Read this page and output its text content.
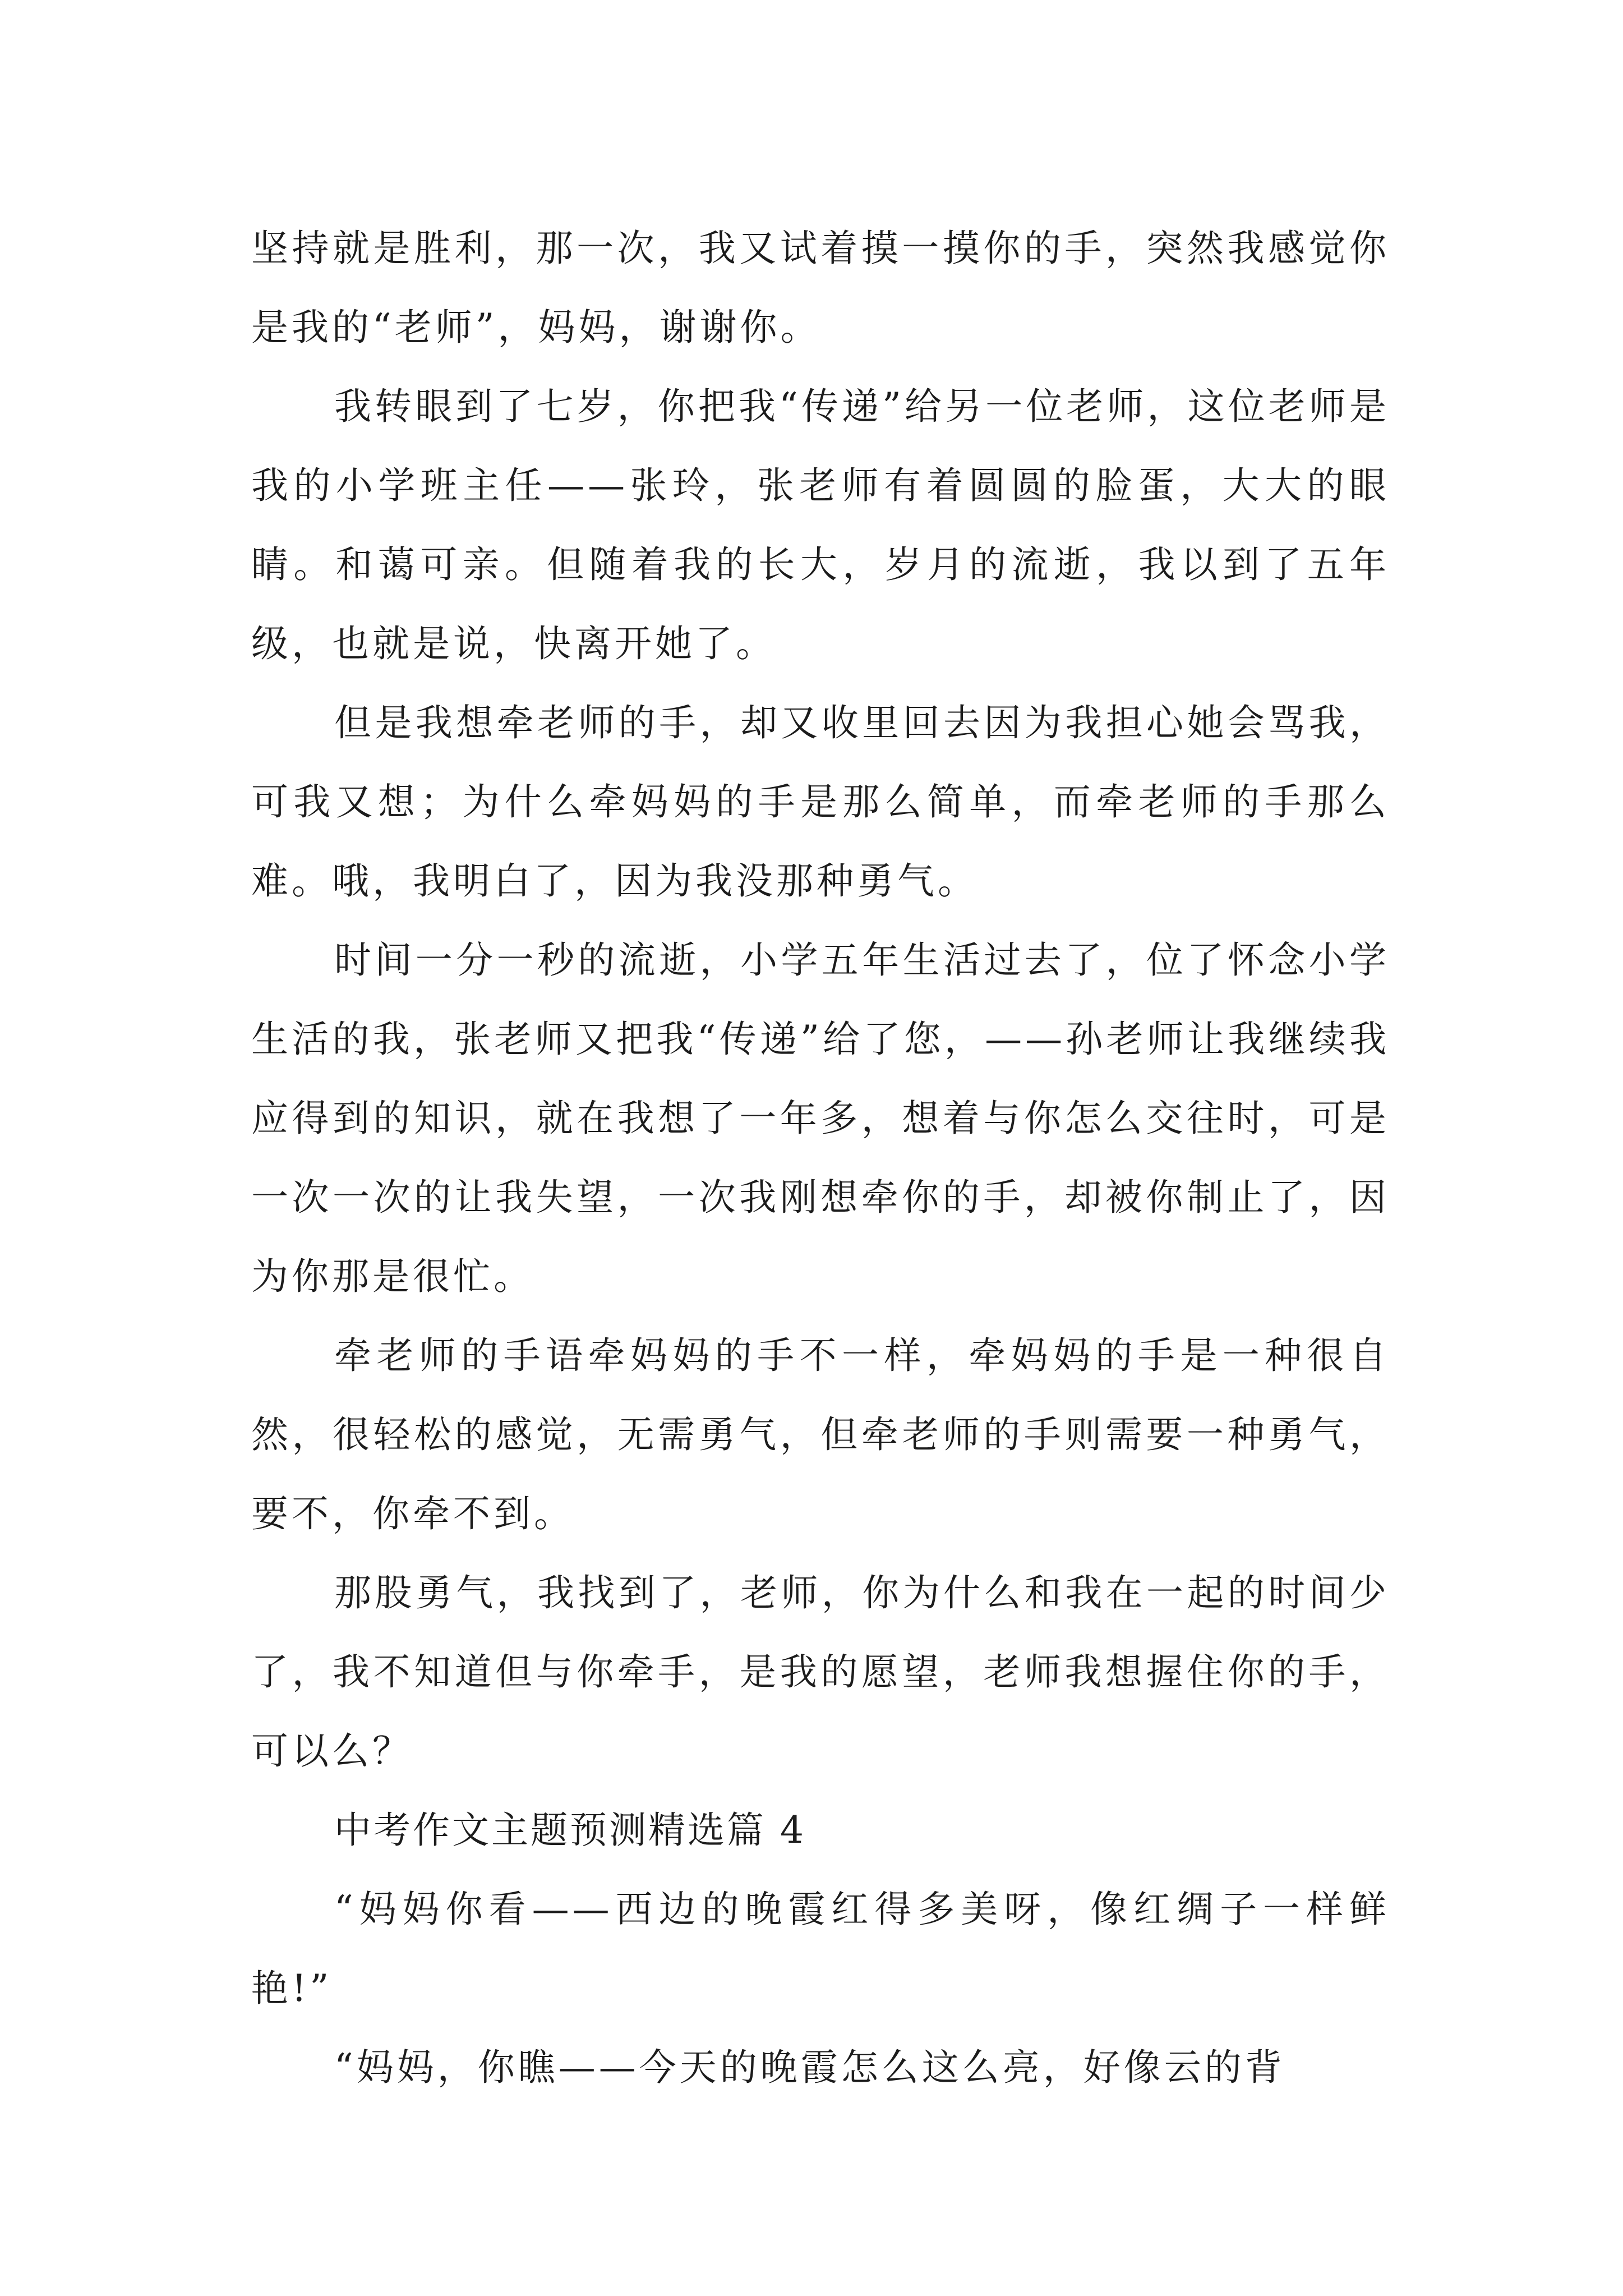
坚持就是胜利，那一次，我又试着摸一摸你的手，突然我感觉你是我的“老师”，妈妈，谢谢你。

我转眼到了七岁，你把我“传递”给另一位老师，这位老师是我的小学班主任——张玲，张老师有着圆圆的脸蛋，大大的眼睛。和蔼可亲。但随着我的长大，岁月的流逝，我以到了五年级，也就是说，快离开她了。

但是我想牵老师的手，却又收里回去因为我担心她会骂我，可我又想；为什么牵妈妈的手是那么简单，而牵老师的手那么难。哦，我明白了，因为我没那种勇气。

时间一分一秒的流逝，小学五年生活过去了，位了怀念小学生活的我，张老师又把我“传递”给了您，——孙老师让我继续我应得到的知识，就在我想了一年多，想着与你怎么交往时，可是一次一次的让我失望，一次我刚想牵你的手，却被你制止了，因为你那是很忙。

牵老师的手语牵妈妈的手不一样，牵妈妈的手是一种很自然，很轻松的感觉，无需勇气，但牵老师的手则需要一种勇气，要不，你牵不到。

那股勇气，我找到了，老师，你为什么和我在一起的时间少了，我不知道但与你牵手，是我的愿望，老师我想握住你的手，可以么？

中考作文主题预测精选篇 4

“妈妈你看——西边的晚霞红得多美呀，像红绸子一样鲜艳!”

“妈妈，你瞧——今天的晚霞怎么这么亮，好像云的背
